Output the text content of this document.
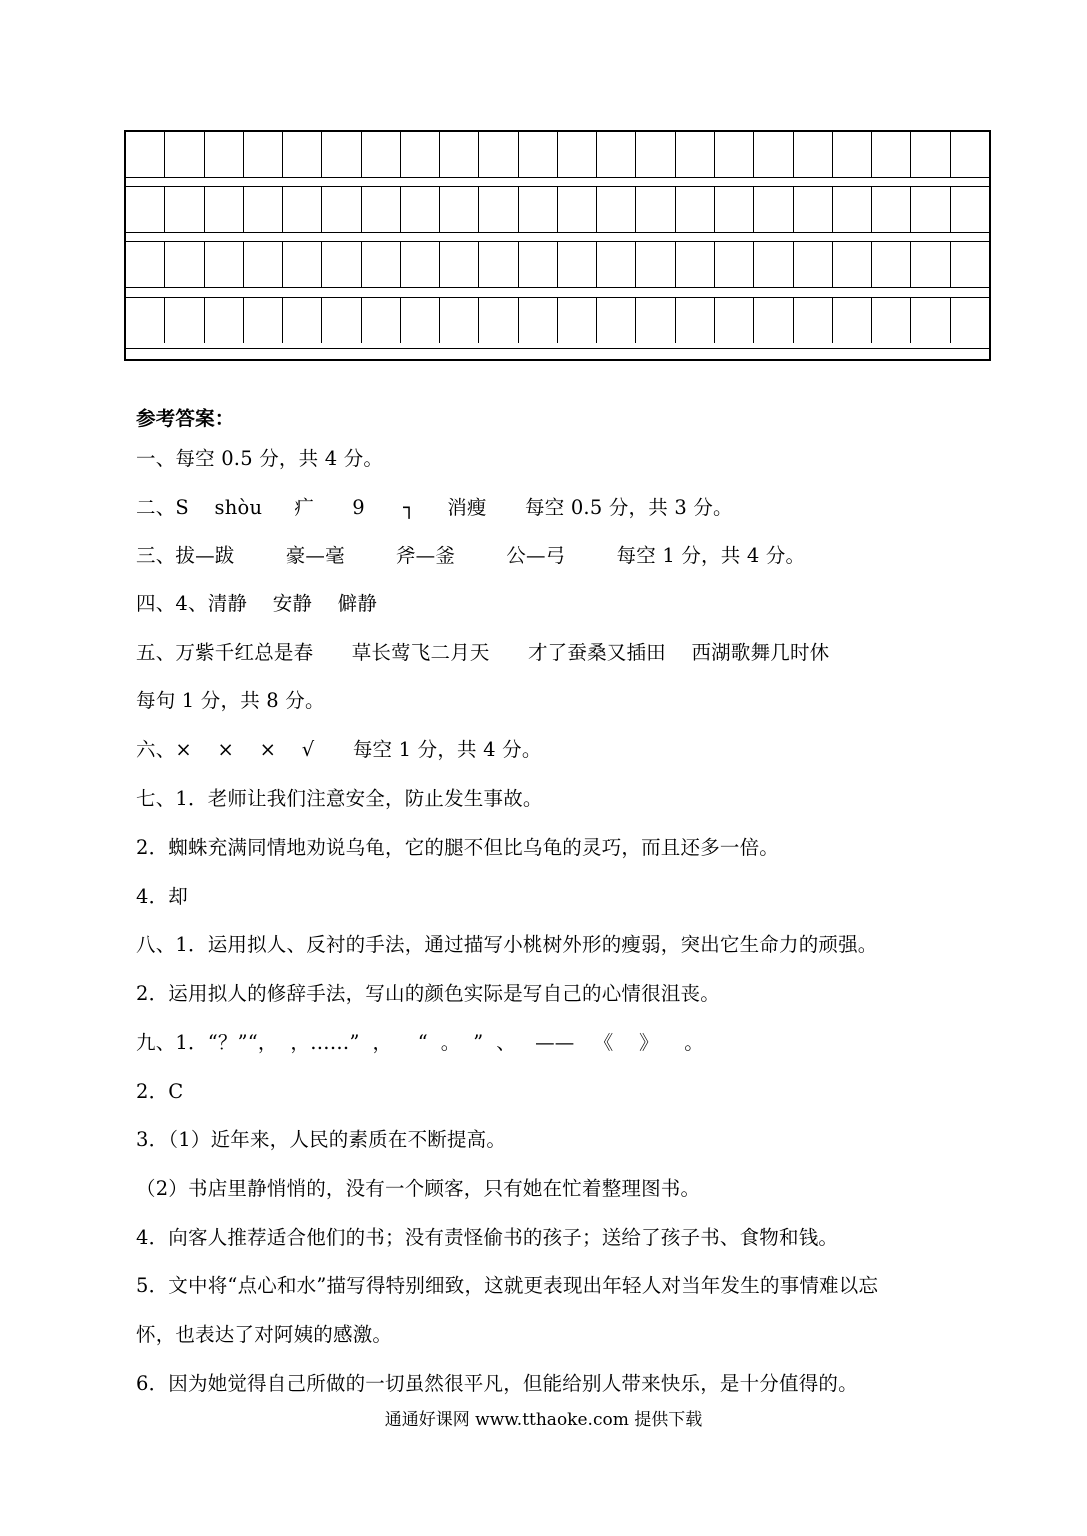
参考答案：
一、每空 0.5 分，共 4 分。
二、S    shòu     疒      9      ┐     消瘦      每空 0.5 分，共 3 分。
三、拔—跋        豪—毫        斧—釜        公—弓        每空 1 分，共 4 分。
四、4、清静    安静    僻静
五、万紫千红总是春      草长莺飞二月天      才了蚕桑又插田    西湖歌舞几时休
每句 1 分，共 8 分。
六、×    ×    ×    √      每空 1 分，共 4 分。
七、1．老师让我们注意安全，防止发生事故。
2．蜘蛛充满同情地劝说乌龟，它的腿不但比乌龟的灵巧，而且还多一倍。
4．却
八、1．运用拟人、反衬的手法，通过描写小桃树外形的瘦弱，突出它生命力的顽强。
2．运用拟人的修辞手法，写山的颜色实际是写自己的心情很沮丧。
九、1．“？”“，  ，……”  ，    “  。  ”  、   ——   《    》    。
2．C
3．（1）近年来，人民的素质在不断提高。
（2）书店里静悄悄的，没有一个顾客，只有她在忙着整理图书。
4．向客人推荐适合他们的书；没有责怪偷书的孩子；送给了孩子书、食物和钱。
5．文中将“点心和水”描写得特别细致，这就更表现出年轻人对当年发生的事情难以忘
怀，也表达了对阿姨的感激。
6．因为她觉得自己所做的一切虽然很平凡，但能给别人带来快乐，是十分值得的。
通通好课网 www.tthaoke.com 提供下载
